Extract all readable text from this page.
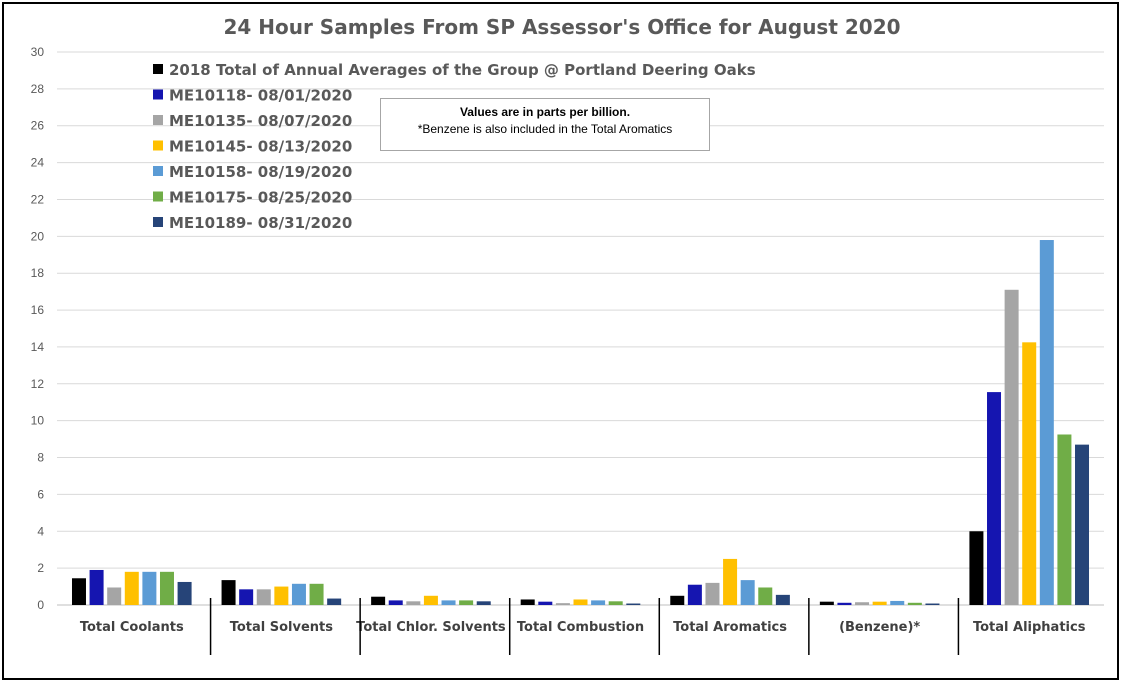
24 Hour Samples From SP Assessor's Office for August 2020
0
2
4
6
8
10
12
14
16
18
20
22
24
26
28
30
Total Coolants	Total Solvents Total Chlor. Solvents Total Combustion Total Aromatics	(Benzene)*	Total Aliphatics
2018 Total of Annual Averages of the Group @ Portland Deering Oaks
ME10118- 08/01/2020
ME10135- 08/07/2020
ME10145- 08/13/2020
ME10158- 08/19/2020
ME10175- 08/25/2020
ME10189- 08/31/2020
Values are in parts per billion.
*Benzene is also included in the Total Aromatics
